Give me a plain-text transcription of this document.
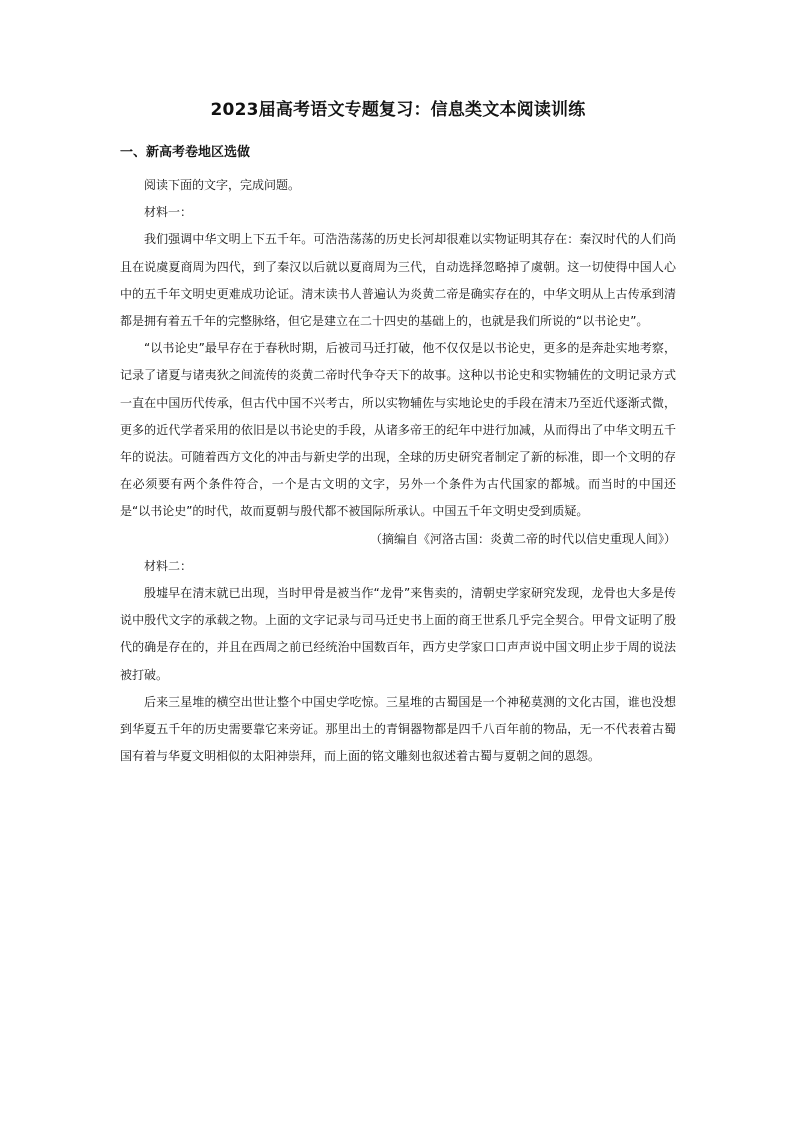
2023届高考语文专题复习：信息类文本阅读训练
一、新高考卷地区选做

阅读下面的文字，完成问题。

材料一：

我们强调中华文明上下五千年。可浩浩荡荡的历史长河却很难以实物证明其存在：秦汉时代的人们尚且在说虞夏商周为四代，到了秦汉以后就以夏商周为三代，自动选择忽略掉了虞朝。这一切使得中国人心中的五千年文明史更难成功论证。清末读书人普遍认为炎黄二帝是确实存在的，中华文明从上古传承到清都是拥有着五千年的完整脉络，但它是建立在二十四史的基础上的，也就是我们所说的“以书论史”。

“以书论史”最早存在于春秋时期，后被司马迁打破，他不仅仅是以书论史，更多的是奔赴实地考察，记录了诸夏与诸夷狄之间流传的炎黄二帝时代争夺天下的故事。这种以书论史和实物辅佐的文明记录方式一直在中国历代传承，但古代中国不兴考古，所以实物辅佐与实地论史的手段在清末乃至近代逐渐式微，更多的近代学者采用的依旧是以书论史的手段，从诸多帝王的纪年中进行加减，从而得出了中华文明五千年的说法。可随着西方文化的冲击与新史学的出现，全球的历史研究者制定了新的标准，即一个文明的存在必须要有两个条件符合，一个是古文明的文字，另外一个条件为古代国家的都城。而当时的中国还是“以书论史”的时代，故而夏朝与殷代都不被国际所承认。中国五千年文明史受到质疑。

（摘编自《河洛古国：炎黄二帝的时代以信史重现人间》）

材料二：

殷墟早在清末就已出现，当时甲骨是被当作“龙骨”来售卖的，清朝史学家研究发现，龙骨也大多是传说中殷代文字的承载之物。上面的文字记录与司马迁史书上面的商王世系几乎完全契合。甲骨文证明了殷代的确是存在的，并且在西周之前已经统治中国数百年，西方史学家口口声声说中国文明止步于周的说法被打破。

后来三星堆的横空出世让整个中国史学吃惊。三星堆的古蜀国是一个神秘莫测的文化古国，谁也没想到华夏五千年的历史需要靠它来旁证。那里出土的青铜器物都是四千八百年前的物品，无一不代表着古蜀国有着与华夏文明相似的太阳神崇拜，而上面的铭文雕刻也叙述着古蜀与夏朝之间的恩怨。
